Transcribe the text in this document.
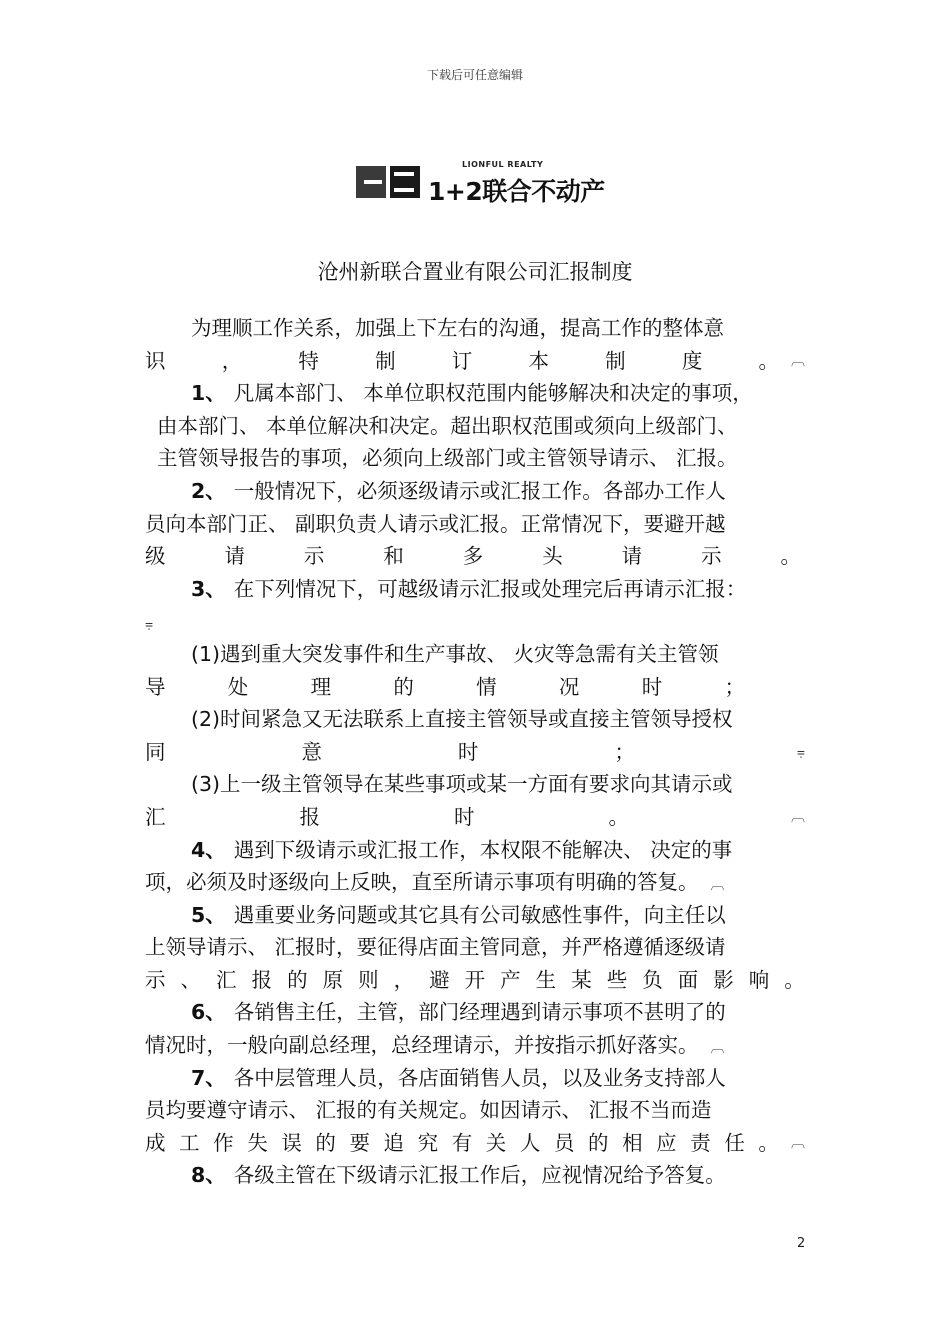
下载后可任意编辑
LIONFUL REALTY
1+2联合不动产
沧州新联合置业有限公司汇报制度
为理顺工作关系，加强上下左右的沟通，提高工作的整体意
识	，	特	制	订	本	制	度	。 ︹
1、 凡属本部门、 本单位职权范围内能够解决和决定的事项，
由本部门、 本单位解决和决定。超出职权范围或须向上级部门、
主管领导报告的事项，必须向上级部门或主管领导请示、 汇报。
2、 一般情况下，必须逐级请示或汇报工作。各部办工作人
员向本部门正、 副职负责人请示或汇报。正常情况下，要避开越
级	请	示	和	多	头	请	示	。
3、 在下列情况下，可越级请示汇报或处理完后再请示汇报：
⩦
(1)遇到重大突发事件和生产事故、 火灾等急需有关主管领
导	处	理	的	情	况	时	；
(2)时间紧急又无法联系上直接主管领导或直接主管领导授权
同	意	时	；	⩦
(3)上一级主管领导在某些事项或某一方面有要求向其请示或
汇	报	时	。	︹
4、 遇到下级请示或汇报工作，本权限不能解决、 决定的事
项，必须及时逐级向上反映，直至所请示事项有明确的答复。 ︹
5、 遇重要业务问题或其它具有公司敏感性事件，向主任以
上领导请示、 汇报时，要征得店面主管同意，并严格遵循逐级请
示 、 汇 报 的 原 则 ， 避 开 产 生 某 些 负 面 影 响 。
6、 各销售主任，主管，部门经理遇到请示事项不甚明了的
情况时，一般向副总经理，总经理请示，并按指示抓好落实。 ︹
7、 各中层管理人员，各店面销售人员，以及业务支持部人
员均要遵守请示、 汇报的有关规定。如因请示、 汇报不当而造
成 工 作 失 误 的 要 追 究 有 关 人 员 的 相 应 责 任 。 ︹
8、 各级主管在下级请示汇报工作后，应视情况给予答复。
2
